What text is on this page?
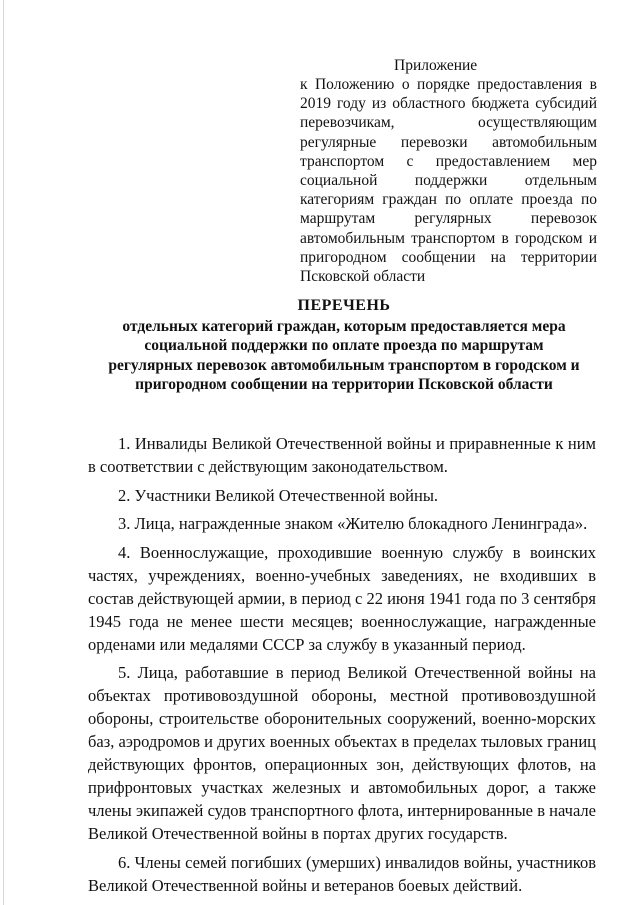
Приложение

к Положению о порядке предоставления в 2019 году из областного бюджета субсидий перевозчикам, осуществляющим регулярные перевозки автомобильным транспортом с предоставлением мер социальной поддержки отдельным категориям граждан по оплате проезда по маршрутам регулярных перевозок автомобильным транспортом в городском и пригородном сообщении на территории Псковской области

ПЕРЕЧЕНЬ

отдельных категорий граждан, которым предоставляется мера социальной поддержки по оплате проезда по маршрутам регулярных перевозок автомобильным транспортом в городском и пригородном сообщении на территории Псковской области

1. Инвалиды Великой Отечественной войны и приравненные к ним в соответствии с действующим законодательством.

2. Участники Великой Отечественной войны.

3. Лица, награжденные знаком «Жителю блокадного Ленинграда».

4. Военнослужащие, проходившие военную службу в воинских частях, учреждениях, военно-учебных заведениях, не входивших в состав действующей армии, в период с 22 июня 1941 года по 3 сентября 1945 года не менее шести месяцев; военнослужащие, награжденные орденами или медалями СССР за службу в указанный период.

5. Лица, работавшие в период Великой Отечественной войны на объектах противовоздушной обороны, местной противовоздушной обороны, строительстве оборонительных сооружений, военно-морских баз, аэродромов и других военных объектах в пределах тыловых границ действующих фронтов, операционных зон, действующих флотов, на прифронтовых участках железных и автомобильных дорог, а также члены экипажей судов транспортного флота, интернированные в начале Великой Отечественной войны в портах других государств.

6. Члены семей погибших (умерших) инвалидов войны, участников Великой Отечественной войны и ветеранов боевых действий.
